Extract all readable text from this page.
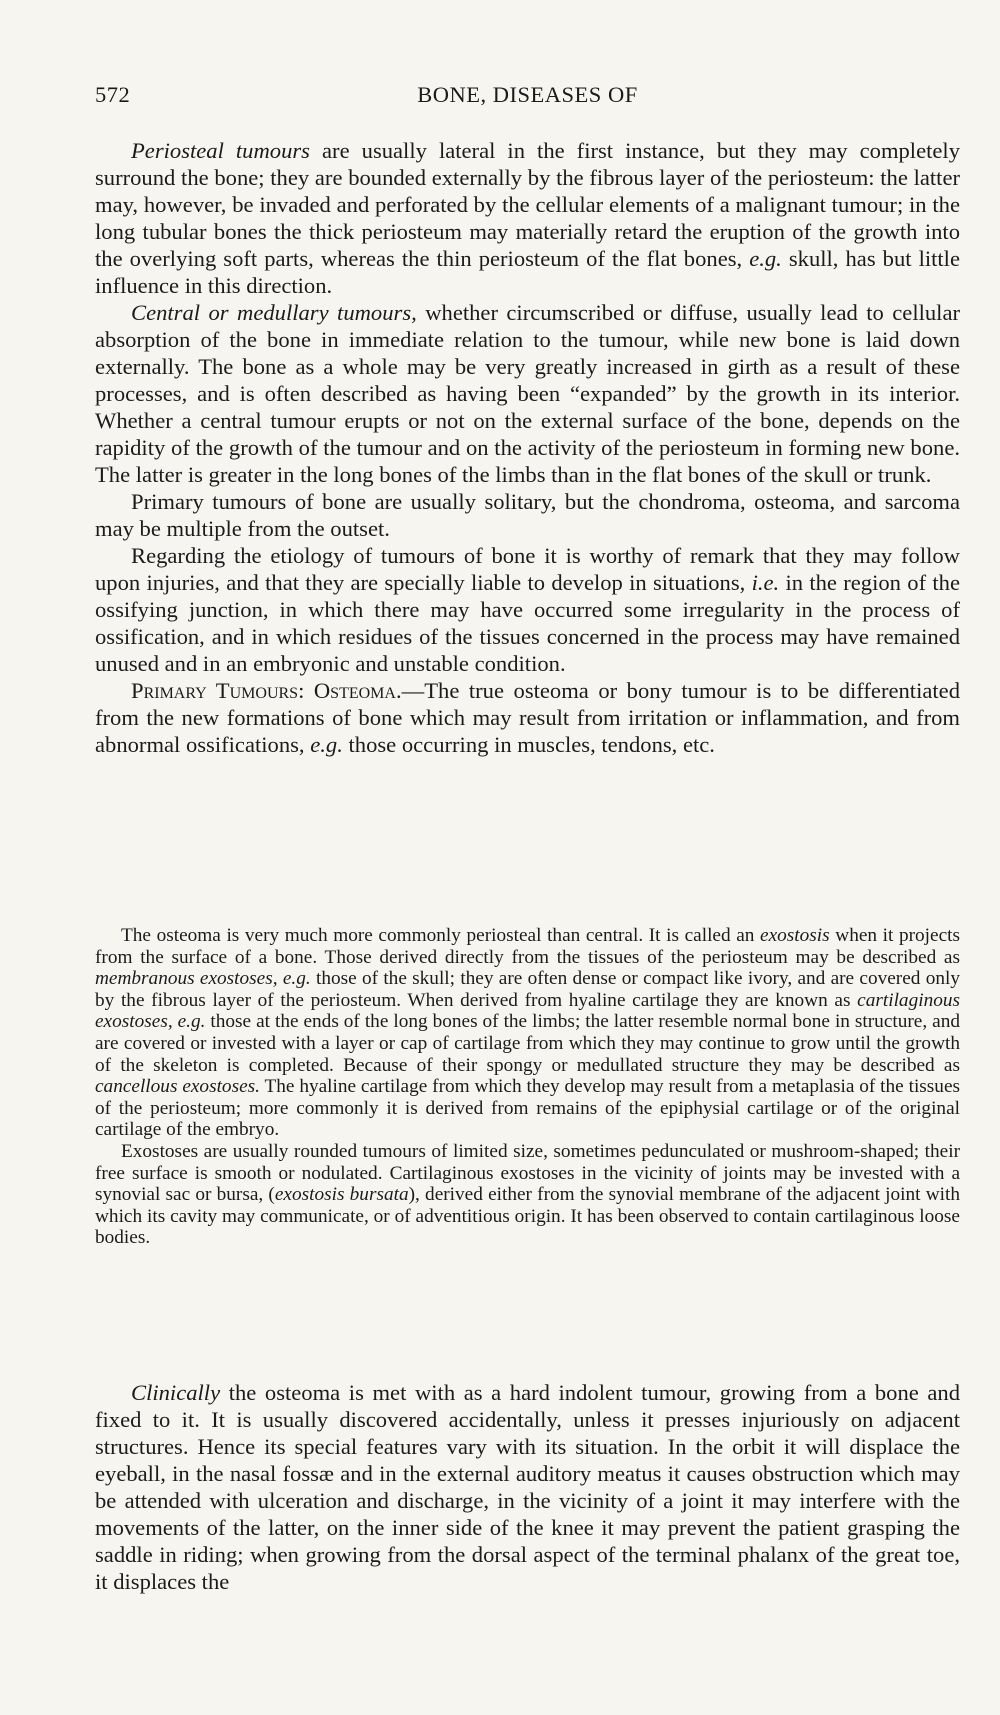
572	BONE, DISEASES OF

Periosteal tumours are usually lateral in the first instance, but they may completely surround the bone; they are bounded externally by the fibrous layer of the periosteum: the latter may, however, be invaded and perforated by the cellular elements of a malignant tumour; in the long tubular bones the thick periosteum may materially retard the eruption of the growth into the overlying soft parts, whereas the thin periosteum of the flat bones, e.g. skull, has but little influence in this direction.

Central or medullary tumours, whether circumscribed or diffuse, usually lead to cellular absorption of the bone in immediate relation to the tumour, while new bone is laid down externally. The bone as a whole may be very greatly increased in girth as a result of these processes, and is often described as having been “expanded” by the growth in its interior. Whether a central tumour erupts or not on the external surface of the bone, depends on the rapidity of the growth of the tumour and on the activity of the periosteum in forming new bone. The latter is greater in the long bones of the limbs than in the flat bones of the skull or trunk.

Primary tumours of bone are usually solitary, but the chondroma, osteoma, and sarcoma may be multiple from the outset.

Regarding the etiology of tumours of bone it is worthy of remark that they may follow upon injuries, and that they are specially liable to develop in situations, i.e. in the region of the ossifying junction, in which there may have occurred some irregularity in the process of ossification, and in which residues of the tissues concerned in the process may have remained unused and in an embryonic and unstable condition.

Primary Tumours: Osteoma.—The true osteoma or bony tumour is to be differentiated from the new formations of bone which may result from irritation or inflammation, and from abnormal ossifications, e.g. those occurring in muscles, tendons, etc.

The osteoma is very much more commonly periosteal than central. It is called an exostosis when it projects from the surface of a bone. Those derived directly from the tissues of the periosteum may be described as membranous exostoses, e.g. those of the skull; they are often dense or compact like ivory, and are covered only by the fibrous layer of the periosteum. When derived from hyaline cartilage they are known as cartilaginous exostoses, e.g. those at the ends of the long bones of the limbs; the latter resemble normal bone in structure, and are covered or invested with a layer or cap of cartilage from which they may continue to grow until the growth of the skeleton is completed. Because of their spongy or medullated structure they may be described as cancellous exostoses. The hyaline cartilage from which they develop may result from a metaplasia of the tissues of the periosteum; more commonly it is derived from remains of the epiphysial cartilage or of the original cartilage of the embryo.

Exostoses are usually rounded tumours of limited size, sometimes pedunculated or mushroom-shaped; their free surface is smooth or nodulated. Cartilaginous exostoses in the vicinity of joints may be invested with a synovial sac or bursa, (exostosis bursata), derived either from the synovial membrane of the adjacent joint with which its cavity may communicate, or of adventitious origin. It has been observed to contain cartilaginous loose bodies.

Clinically the osteoma is met with as a hard indolent tumour, growing from a bone and fixed to it. It is usually discovered accidentally, unless it presses injuriously on adjacent structures. Hence its special features vary with its situation. In the orbit it will displace the eyeball, in the nasal fossæ and in the external auditory meatus it causes obstruction which may be attended with ulceration and discharge, in the vicinity of a joint it may interfere with the movements of the latter, on the inner side of the knee it may prevent the patient grasping the saddle in riding; when growing from the dorsal aspect of the terminal phalanx of the great toe, it displaces the
